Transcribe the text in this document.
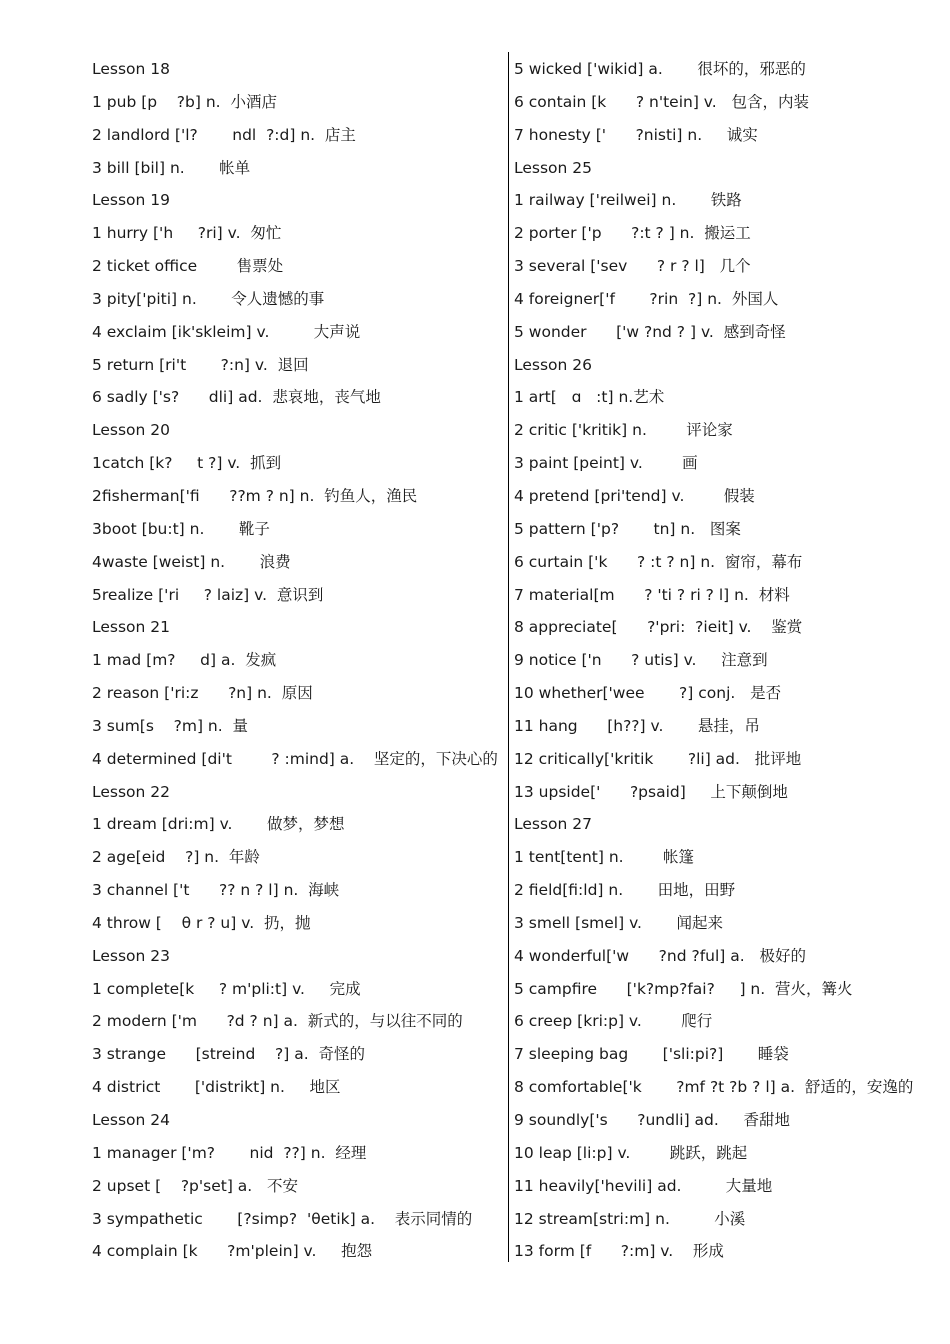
Lesson 18
1 pub [p    ?b] n.  小酒店
2 landlord ['l?       ndl  ?:d] n.  店主
3 bill [bil] n.       帐单
Lesson 19
1 hurry ['h     ?ri] v.  匆忙
2 ticket office        售票处
3 pity['piti] n.       令人遗憾的事
4 exclaim [ik'skleim] v.         大声说
5 return [ri't       ?:n] v.  退回
6 sadly ['s?      dli] ad.  悲哀地，丧气地
Lesson 20
1catch [k?     t ?] v.  抓到
2fisherman['fi      ??m ? n] n.  钓鱼人，渔民
3boot [bu:t] n.       靴子
4waste [weist] n.       浪费
5realize ['ri     ? laiz] v.  意识到
Lesson 21
1 mad [m?     d] a.  发疯
2 reason ['ri:z      ?n] n.  原因
3 sum[s    ?m] n.  量
4 determined [di't        ? :mind] a.    坚定的，下决心的
Lesson 22
1 dream [dri:m] v.       做梦，梦想
2 age[eid    ?] n.  年龄
3 channel ['t      ?? n ? l] n.  海峡
4 throw [    θ r ? u] v.  扔，抛
Lesson 23
1 complete[k     ? m'pli:t] v.     完成
2 modern ['m      ?d ? n] a.  新式的，与以往不同的
3 strange      [streind    ?] a.  奇怪的
4 district       ['distrikt] n.     地区
Lesson 24
1 manager ['m?       nid  ??] n.  经理
2 upset [    ?p'set] a.   不安
3 sympathetic       [?simp?  'θetik] a.    表示同情的
4 complain [k      ?m'plein] v.     抱怨
5 wicked ['wikid] a.       很坏的，邪恶的
6 contain [k      ? n'tein] v.   包含，内装
7 honesty ['      ?nisti] n.     诚实
Lesson 25
1 railway ['reilwei] n.       铁路
2 porter ['p      ?:t ? ] n.  搬运工
3 several ['sev      ? r ? l]   几个
4 foreigner['f       ?rin  ?] n.  外国人
5 wonder      ['w ?nd ? ] v.  感到奇怪
Lesson 26
1 art[   ɑ   :t] n.艺术
2 critic ['kritik] n.        评论家
3 paint [peint] v.        画
4 pretend [pri'tend] v.        假装
5 pattern ['p?       tn] n.   图案
6 curtain ['k      ? :t ? n] n.  窗帘，幕布
7 material[m      ? 'ti ? ri ? l] n.  材料
8 appreciate[      ?'pri:  ?ieit] v.    鉴赏
9 notice ['n      ? utis] v.     注意到
10 whether['wee       ?] conj.   是否
11 hang      [h??] v.       悬挂，吊
12 critically['kritik       ?li] ad.   批评地
13 upside['      ?psaid]     上下颠倒地
Lesson 27
1 tent[tent] n.        帐篷
2 field[fi:ld] n.       田地，田野
3 smell [smel] v.       闻起来
4 wonderful['w      ?nd ?ful] a.   极好的
5 campfire      ['k?mp?fai?     ] n.  营火，篝火
6 creep [kri:p] v.        爬行
7 sleeping bag       ['sli:pi?]       睡袋
8 comfortable['k       ?mf ?t ?b ? l] a.  舒适的，安逸的
9 soundly['s      ?undli] ad.     香甜地
10 leap [li:p] v.        跳跃，跳起
11 heavily['hevili] ad.         大量地
12 stream[stri:m] n.         小溪
13 form [f      ?:m] v.    形成
